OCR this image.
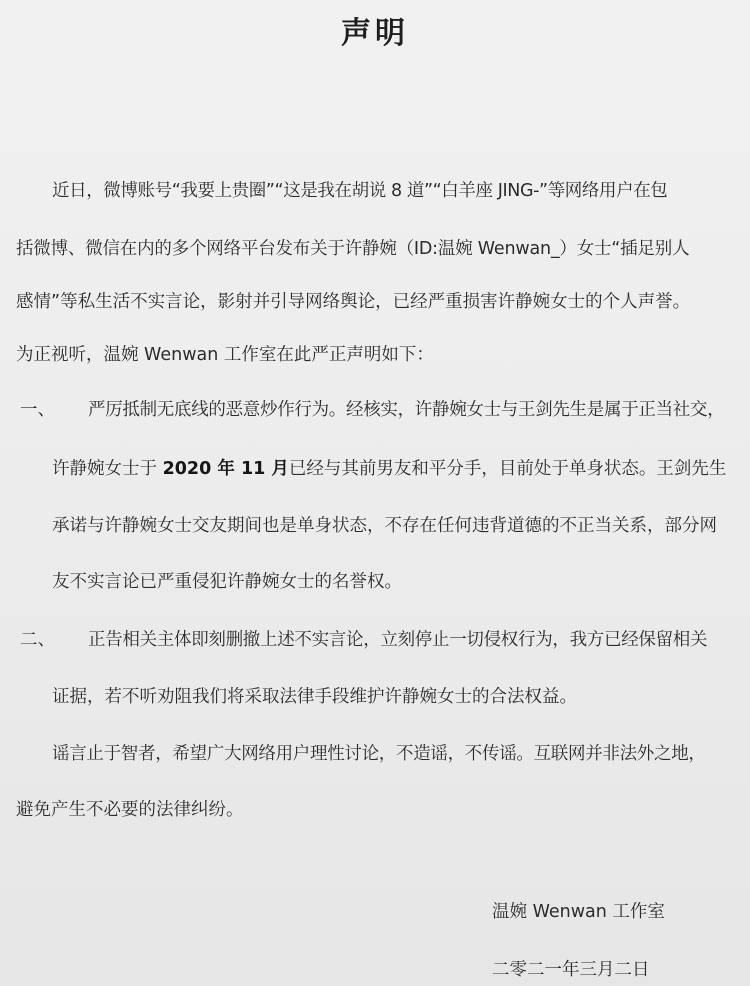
声明
近日，微博账号“我要上贵圈”“这是我在胡说 8 道”“白羊座 JING-”等网络用户在包
括微博、微信在内的多个网络平台发布关于许静婉（ID:温婉 Wenwan_）女士“插足别人
感情”等私生活不实言论，影射并引导网络舆论，已经严重损害许静婉女士的个人声誉。
为正视听，温婉 Wenwan 工作室在此严正声明如下：
一、 严厉抵制无底线的恶意炒作行为。经核实，许静婉女士与王剑先生是属于正当社交，
许静婉女士于 2020 年 11 月已经与其前男友和平分手，目前处于单身状态。王剑先生
承诺与许静婉女士交友期间也是单身状态，不存在任何违背道德的不正当关系，部分网
友不实言论已严重侵犯许静婉女士的名誉权。
二、 正告相关主体即刻删撤上述不实言论，立刻停止一切侵权行为，我方已经保留相关
证据，若不听劝阻我们将采取法律手段维护许静婉女士的合法权益。
谣言止于智者，希望广大网络用户理性讨论，不造谣，不传谣。互联网并非法外之地，
避免产生不必要的法律纠纷。
温婉 Wenwan 工作室
二零二一年三月二日
